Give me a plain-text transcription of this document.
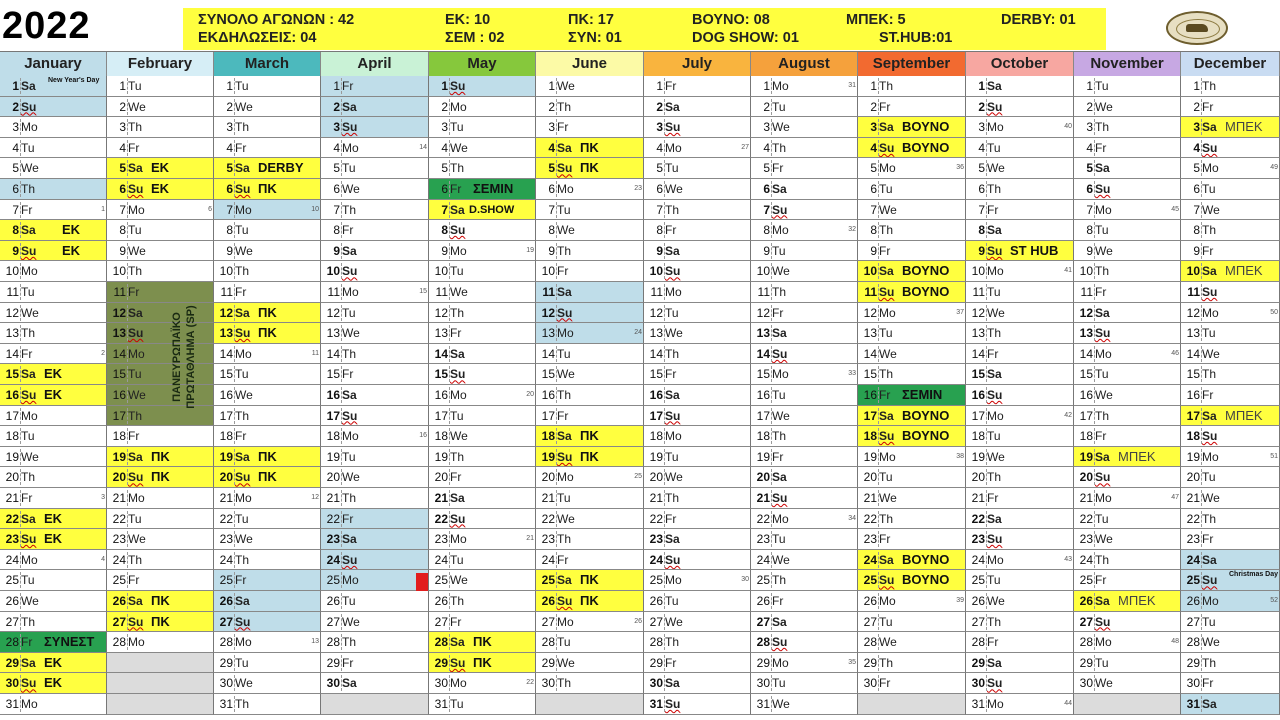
2022	ΣΥΝΟΛΟ ΑΓΩΝΩΝ : 42
ΕΚΔΗΛΩΣΕΙΣ: 04
ΕΚ: 10
ΣΕΜ : 02
ΠΚ: 17
ΣΥΝ: 01
ΒΟΥΝΟ: 08
DOG SHOW: 01
ΜΠΕΚ: 5
ST.HUB:01
DERBY: 01
January
1 Sa New Year's Day
2 Su
3 Mo
4 Tu
5 We
6 Th
7 Fr	1
8 Sa ΕΚ
9 Su ΕΚ
10 Mo
11 Tu
12 We
13 Th
14 Fr	2
15 Sa ΕΚ
16 Su ΕΚ
17 Mo
18 Tu
19 We
20 Th
21 Fr	3
22 Sa ΕΚ
23 Su ΕΚ
24 Mo	4
25 Tu
26 We
27 Th
28 Fr ΣΥΝΕΣΤ
29 Sa ΕΚ
30 Su ΕΚ
31 Mo
February
1 Tu
2 We
3 Th
4 Fr
5 Sa ΕΚ
6 Su ΕΚ
7 Mo	6
8 Tu
9 We
10 Th
11 Fr
12 Sa
13 Su
14 Mo
15 Tu
16 We
17 Th
18 Fr
19 Sa ΠΚ
20 Su ΠΚ
21 Mo
22 Tu
23 We
24 Th
25 Fr
26 Sa ΠΚ
27 Su ΠΚ
28 Mo
March
1 Tu
2 We
3 Th
4 Fr
5 Sa DERBY
6 Su ΠΚ
7 Mo	10
8 Tu
9 We
10 Th
11 Fr
12 Sa ΠΚ
13 Su ΠΚ
14 Mo	11
15 Tu
16 We
17 Th
18 Fr
19 Sa ΠΚ
20 Su ΠΚ
21 Mo	12
22 Tu
23 We
24 Th
25 Fr
26 Sa
27 Su
28 Mo	13
29 Tu
30 We
31 Th
April
1 Fr
2 Sa
3 Su
4 Mo	14
5 Tu
6 We
7 Th
8 Fr
9 Sa
10 Su
11 Mo	15
12 Tu
13 We
14 Th
15 Fr
16 Sa
17 Su
18 Mo	16
19 Tu
20 We
21 Th
22 Fr
23 Sa
24 Su
25 Mo
26 Tu
27 We
28 Th
29 Fr
30 Sa
May
1 Su
2 Mo
3 Tu
4 We
5 Th
6 Fr ΣΕΜΙΝ
7 Sa D.SHOW
8 Su
9 Mo	19
10 Tu
11 We
12 Th
13 Fr
14 Sa
15 Su
16 Mo	20
17 Tu
18 We
19 Th
20 Fr
21 Sa
22 Su
23 Mo	21
24 Tu
25 We
26 Th
27 Fr
28 Sa ΠΚ
29 Su ΠΚ
30 Mo	22
31 Tu
June
1 We
2 Th
3 Fr
4 Sa ΠΚ
5 Su ΠΚ
6 Mo	23
7 Tu
8 We
9 Th
10 Fr
11 Sa
12 Su
13 Mo	24
14 Tu
15 We
16 Th
17 Fr
18 Sa ΠΚ
19 Su ΠΚ
20 Mo	25
21 Tu
22 We
23 Th
24 Fr
25 Sa ΠΚ
26 Su ΠΚ
27 Mo	26
28 Tu
29 We
30 Th
July
1 Fr
2 Sa
3 Su
4 Mo	27
5 Tu
6 We
7 Th
8 Fr
9 Sa
10 Su
11 Mo
12 Tu
13 We
14 Th
15 Fr
16 Sa
17 Su
18 Mo
19 Tu
20 We
21 Th
22 Fr
23 Sa
24 Su
25 Mo	30
26 Tu
27 We
28 Th
29 Fr
30 Sa
31 Su
August
1 Mo	31
2 Tu
3 We
4 Th
5 Fr
6 Sa
7 Su
8 Mo	32
9 Tu
10 We
11 Th
12 Fr
13 Sa
14 Su
15 Mo	33
16 Tu
17 We
18 Th
19 Fr
20 Sa
21 Su
22 Mo	34
23 Tu
24 We
25 Th
26 Fr
27 Sa
28 Su
29 Mo	35
30 Tu
31 We
September
1 Th
2 Fr
3 Sa ΒΟΥΝΟ
4 Su ΒΟΥΝΟ
5 Mo	36
6 Tu
7 We
8 Th
9 Fr
10 Sa ΒΟΥΝΟ
11 Su ΒΟΥΝΟ
12 Mo	37
13 Tu
14 We
15 Th
16 Fr ΣΕΜΙΝ
17 Sa ΒΟΥΝΟ
18 Su ΒΟΥΝΟ
19 Mo	38
20 Tu
21 We
22 Th
23 Fr
24 Sa ΒΟΥΝΟ
25 Su ΒΟΥΝΟ
26 Mo	39
27 Tu
28 We
29 Th
30 Fr
October
1 Sa
2 Su
3 Mo	40
4 Tu
5 We
6 Th
7 Fr
8 Sa
9 Su ST HUB
10 Mo	41
11 Tu
12 We
13 Th
14 Fr
15 Sa
16 Su
17 Mo	42
18 Tu
19 We
20 Th
21 Fr
22 Sa
23 Su
24 Mo	43
25 Tu
26 We
27 Th
28 Fr
29 Sa
30 Su
31 Mo	44
November
1 Tu
2 We
3 Th
4 Fr
5 Sa
6 Su
7 Mo	45
8 Tu
9 We
10 Th
11 Fr
12 Sa
13 Su
14 Mo	46
15 Tu
16 We
17 Th
18 Fr
19 Sa ΜΠΕΚ
20 Su
21 Mo	47
22 Tu
23 We
24 Th
25 Fr
26 Sa ΜΠΕΚ
27 Su
28 Mo	48
29 Tu
30 We
December
1 Th
2 Fr
3 Sa ΜΠΕΚ
4 Su
5 Mo	49
6 Tu
7 We
8 Th
9 Fr
10 Sa ΜΠΕΚ
11 Su
12 Mo	50
13 Tu
14 We
15 Th
16 Fr
17 Sa ΜΠΕΚ
18 Su
19 Mo	51
20 Tu
21 We
22 Th
23 Fr
24 Sa
25 Su Christmas Day
26 Mo	52
27 Tu
28 We
29 Th
30 Fr
31 Sa
ΠΑΝΕΥΡΩΠΑΪΚΟ ΠΡΩΤΑΘΛΗΜΑ (SP)
